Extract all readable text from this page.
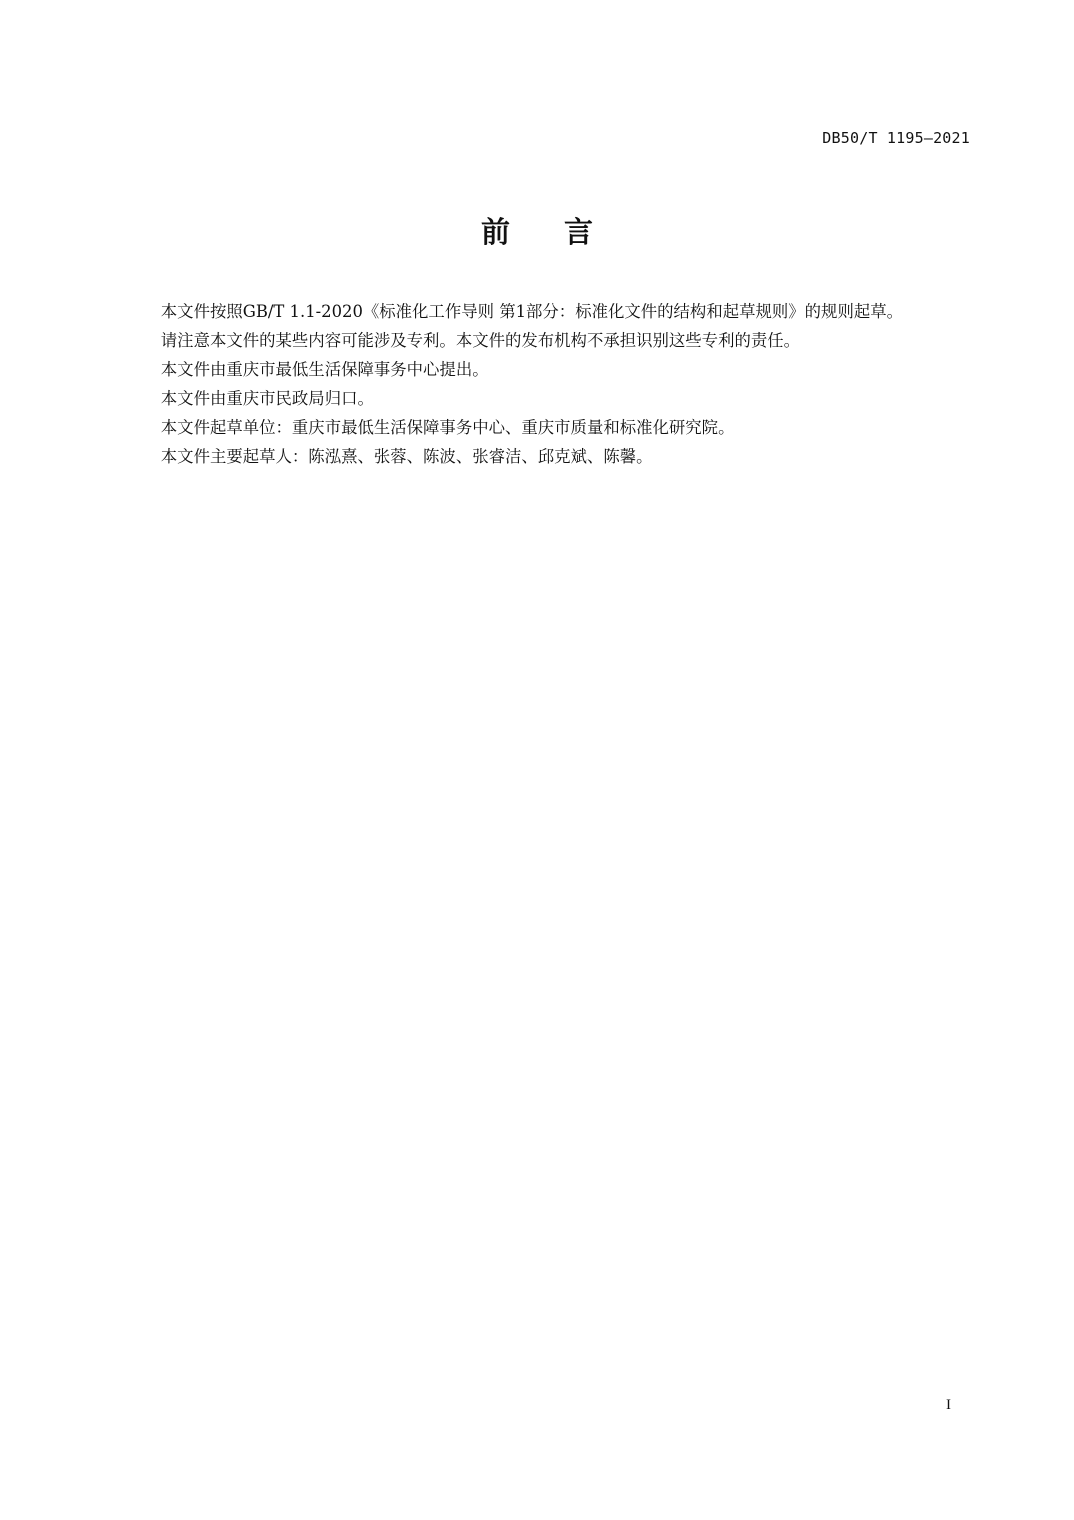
DB50/T 1195—2021
前言

本文件按照GB/T 1.1-2020《标准化工作导则 第1部分：标准化文件的结构和起草规则》的规则起草。

请注意本文件的某些内容可能涉及专利。本文件的发布机构不承担识别这些专利的责任。

本文件由重庆市最低生活保障事务中心提出。

本文件由重庆市民政局归口。

本文件起草单位：重庆市最低生活保障事务中心、重庆市质量和标准化研究院。

本文件主要起草人：陈泓熹、张蓉、陈波、张睿洁、邱克斌、陈馨。

I
